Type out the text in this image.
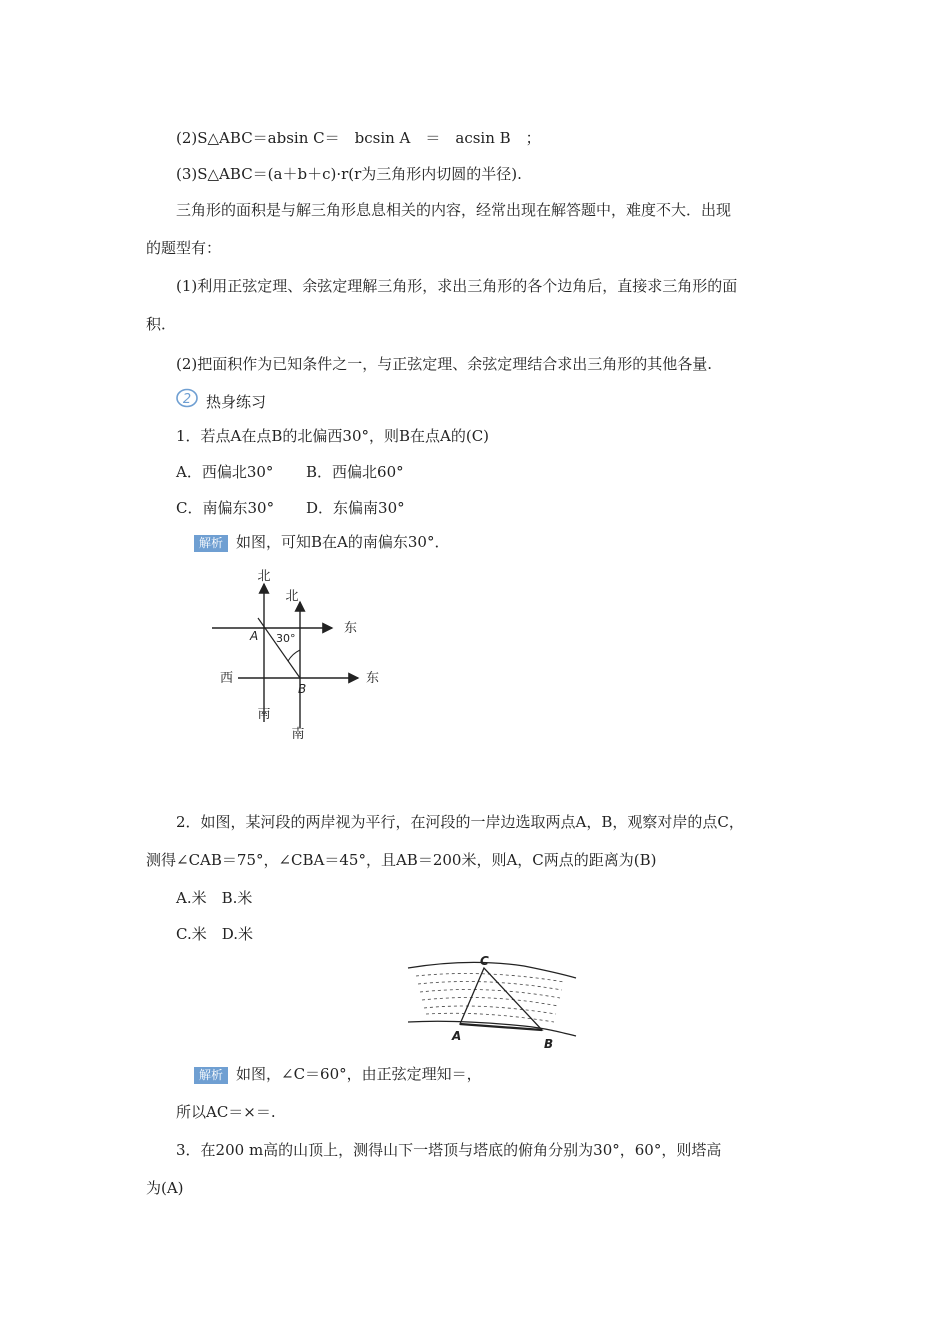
(2)S△ABC＝absin C＝　bcsin A　＝　acsin B　；
(3)S△ABC＝(a＋b＋c)·r(r为三角形内切圆的半径).
三角形的面积是与解三角形息息相关的内容，经常出现在解答题中，难度不大．出现
的题型有：
(1)利用正弦定理、余弦定理解三角形，求出三角形的各个边角后，直接求三角形的面
积．
(2)把面积作为已知条件之一，与正弦定理、余弦定理结合求出三角形的其他各量.
2 热身练习
1．若点A在点B的北偏西30°，则B在点A的(C)
A．西偏北30° B．西偏北60°
C．南偏东30° D．东偏南30°
解析 如图，可知B在A的南偏东30°．
北
北
东
东
西
南
南
A
B
30°
2．如图，某河段的两岸视为平行，在河段的一岸边选取两点A，B，观察对岸的点C，
测得∠CAB＝75°，∠CBA＝45°，且AB＝200米，则A，C两点的距离为(B)
A.米　B.米
C.米　D.米
C
A
B
解析 如图，∠C＝60°，由正弦定理知＝，
所以AC＝×＝.
3．在200 m高的山顶上，测得山下一塔顶与塔底的俯角分别为30°，60°，则塔高
为(A)
